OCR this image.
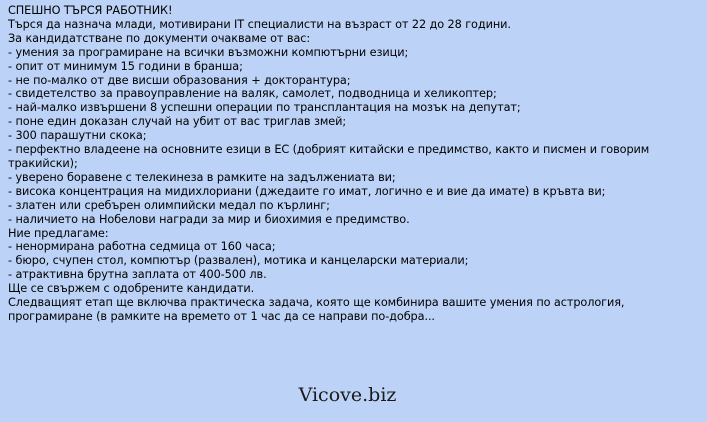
СПЕШНО ТЪРСЯ РАБОТНИК!
Търся да назнача млади, мотивирани IT специалисти на възраст от 22 до 28 години.
За кандидатстване по документи очакваме от вас:
- умения за програмиране на всички възможни компютърни езици;
- опит от минимум 15 години в бранша;
- не по-малко от две висши образования + докторантура;
- свидетелство за правоуправление на валяк, самолет, подводница и хеликоптер;
- най-малко извършени 8 успешни операции по трансплантация на мозък на депутат;
- поне един доказан случай на убит от вас триглав змей;
- 300 парашутни скока;
- перфектно владеене на основните езици в ЕС (добрият китайски е предимство, както и писмен и говорим тракийски);
- уверено боравене с телекинеза в рамките на задължениата ви;
- висока концентрация на мидихлориани (джедаите го имат, логично е и вие да имате) в кръвта ви;
- златен или сребърен олимпийски медал по кърлинг;
- наличието на Нобелови награди за мир и биохимия е предимство.
Ние предлагаме:
- ненормирана работна седмица от 160 часа;
- бюро, счупен стол, компютър (развален), мотика и канцеларски материали;
- атрактивна брутна заплата от 400-500 лв.
Ще се свържем с одобрените кандидати.
Следващият етап ще включва практическа задача, която ще комбинира вашите умения по астрология, програмиране (в рамките на времето от 1 час да се направи по-добра...
Vicove.biz
